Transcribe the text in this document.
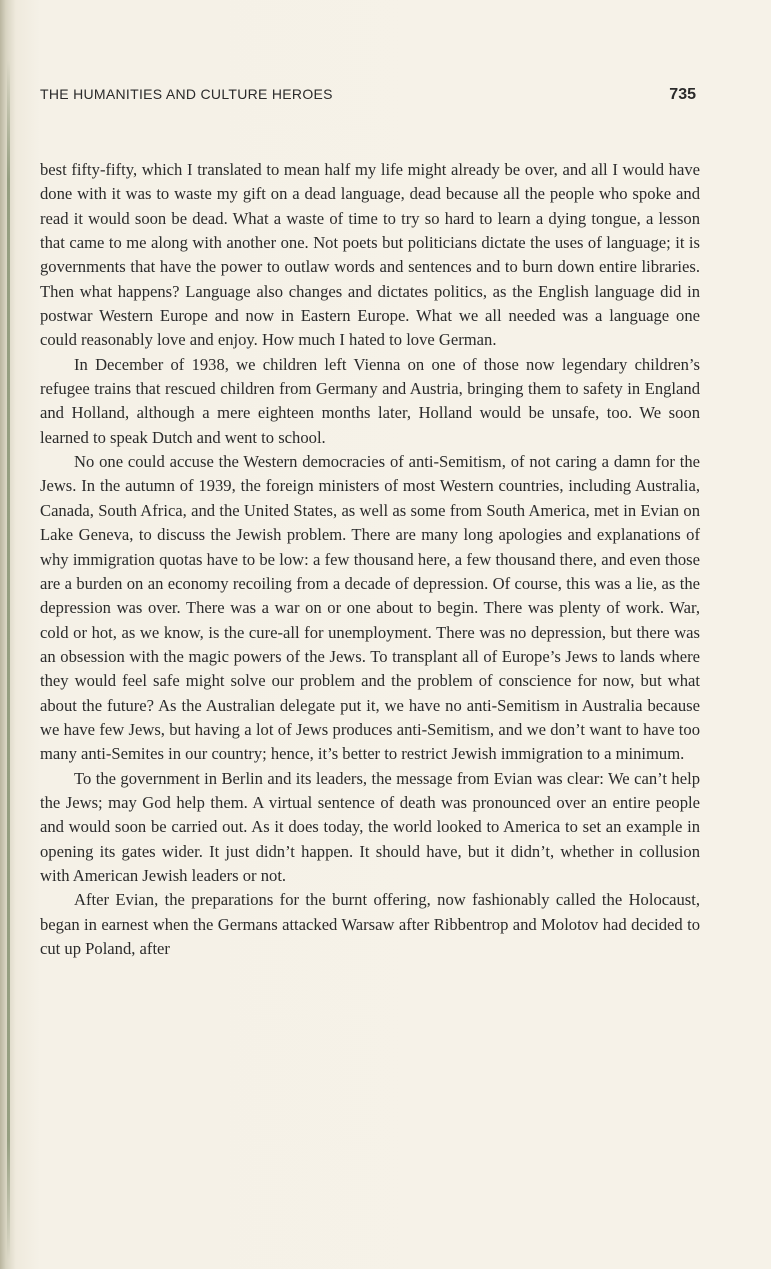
THE HUMANITIES AND CULTURE HEROES	735

best fifty-fifty, which I translated to mean half my life might already be over, and all I would have done with it was to waste my gift on a dead language, dead because all the people who spoke and read it would soon be dead. What a waste of time to try so hard to learn a dying tongue, a lesson that came to me along with another one. Not poets but politicians dictate the uses of language; it is governments that have the power to outlaw words and sentences and to burn down entire libraries. Then what happens? Language also changes and dictates politics, as the English language did in postwar Western Europe and now in Eastern Europe. What we all needed was a language one could reasonably love and enjoy. How much I hated to love German.

In December of 1938, we children left Vienna on one of those now legendary children’s refugee trains that rescued children from Germany and Austria, bringing them to safety in England and Holland, although a mere eighteen months later, Holland would be unsafe, too. We soon learned to speak Dutch and went to school.

No one could accuse the Western democracies of anti-Semitism, of not caring a damn for the Jews. In the autumn of 1939, the foreign ministers of most Western countries, including Australia, Canada, South Africa, and the United States, as well as some from South America, met in Evian on Lake Geneva, to discuss the Jewish problem. There are many long apologies and explanations of why immigration quotas have to be low: a few thousand here, a few thousand there, and even those are a burden on an economy recoiling from a decade of depression. Of course, this was a lie, as the depression was over. There was a war on or one about to begin. There was plenty of work. War, cold or hot, as we know, is the cure-all for unemployment. There was no depression, but there was an obsession with the magic powers of the Jews. To transplant all of Europe’s Jews to lands where they would feel safe might solve our problem and the problem of conscience for now, but what about the future? As the Australian delegate put it, we have no anti-Semitism in Australia because we have few Jews, but having a lot of Jews produces anti-Semitism, and we don’t want to have too many anti-Semites in our country; hence, it’s better to restrict Jewish immigration to a minimum.

To the government in Berlin and its leaders, the message from Evian was clear: We can’t help the Jews; may God help them. A virtual sentence of death was pronounced over an entire people and would soon be carried out. As it does today, the world looked to America to set an example in opening its gates wider. It just didn’t happen. It should have, but it didn’t, whether in collusion with American Jewish leaders or not.

After Evian, the preparations for the burnt offering, now fashionably called the Holocaust, began in earnest when the Germans attacked Warsaw after Ribbentrop and Molotov had decided to cut up Poland, after
